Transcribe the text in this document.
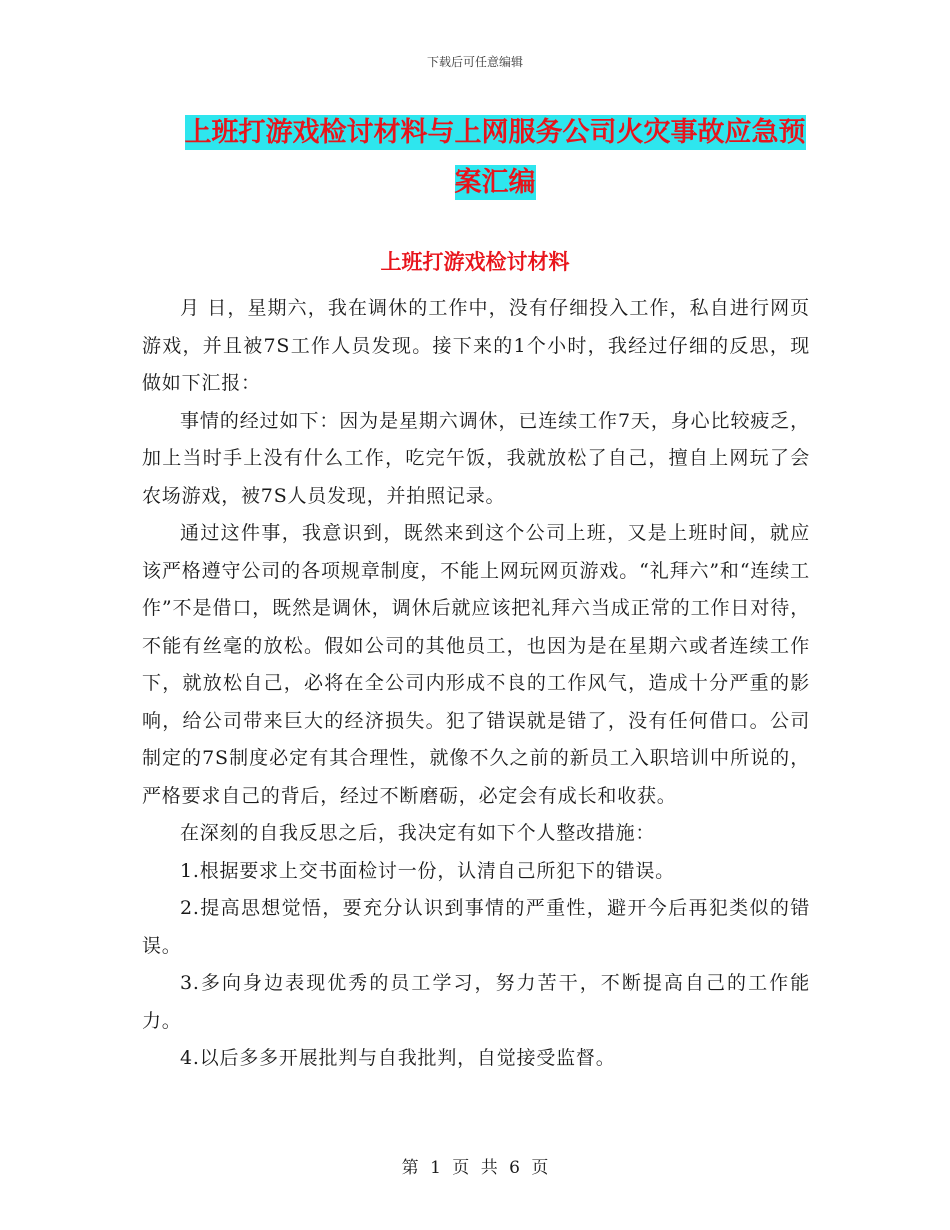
下载后可任意编辑
上班打游戏检讨材料与上网服务公司火灾事故应急预
案汇编
上班打游戏检讨材料

月 日，星期六，我在调休的工作中，没有仔细投入工作，私自进行网页游戏，并且被7S工作人员发现。接下来的1个小时，我经过仔细的反思，现做如下汇报：

事情的经过如下：因为是星期六调休，已连续工作7天，身心比较疲乏，加上当时手上没有什么工作，吃完午饭，我就放松了自己，擅自上网玩了会农场游戏，被7S人员发现，并拍照记录。

通过这件事，我意识到，既然来到这个公司上班，又是上班时间，就应该严格遵守公司的各项规章制度，不能上网玩网页游戏。“礼拜六”和“连续工作”不是借口，既然是调休，调休后就应该把礼拜六当成正常的工作日对待，不能有丝毫的放松。假如公司的其他员工，也因为是在星期六或者连续工作下，就放松自己，必将在全公司内形成不良的工作风气，造成十分严重的影响，给公司带来巨大的经济损失。犯了错误就是错了，没有任何借口。公司制定的7S制度必定有其合理性，就像不久之前的新员工入职培训中所说的，严格要求自己的背后，经过不断磨砺，必定会有成长和收获。

在深刻的自我反思之后，我决定有如下个人整改措施：

1.根据要求上交书面检讨一份，认清自己所犯下的错误。

2.提高思想觉悟，要充分认识到事情的严重性，避开今后再犯类似的错误。

3.多向身边表现优秀的员工学习，努力苦干，不断提高自己的工作能力。

4.以后多多开展批判与自我批判，自觉接受监督。

第 1 页 共 6 页
